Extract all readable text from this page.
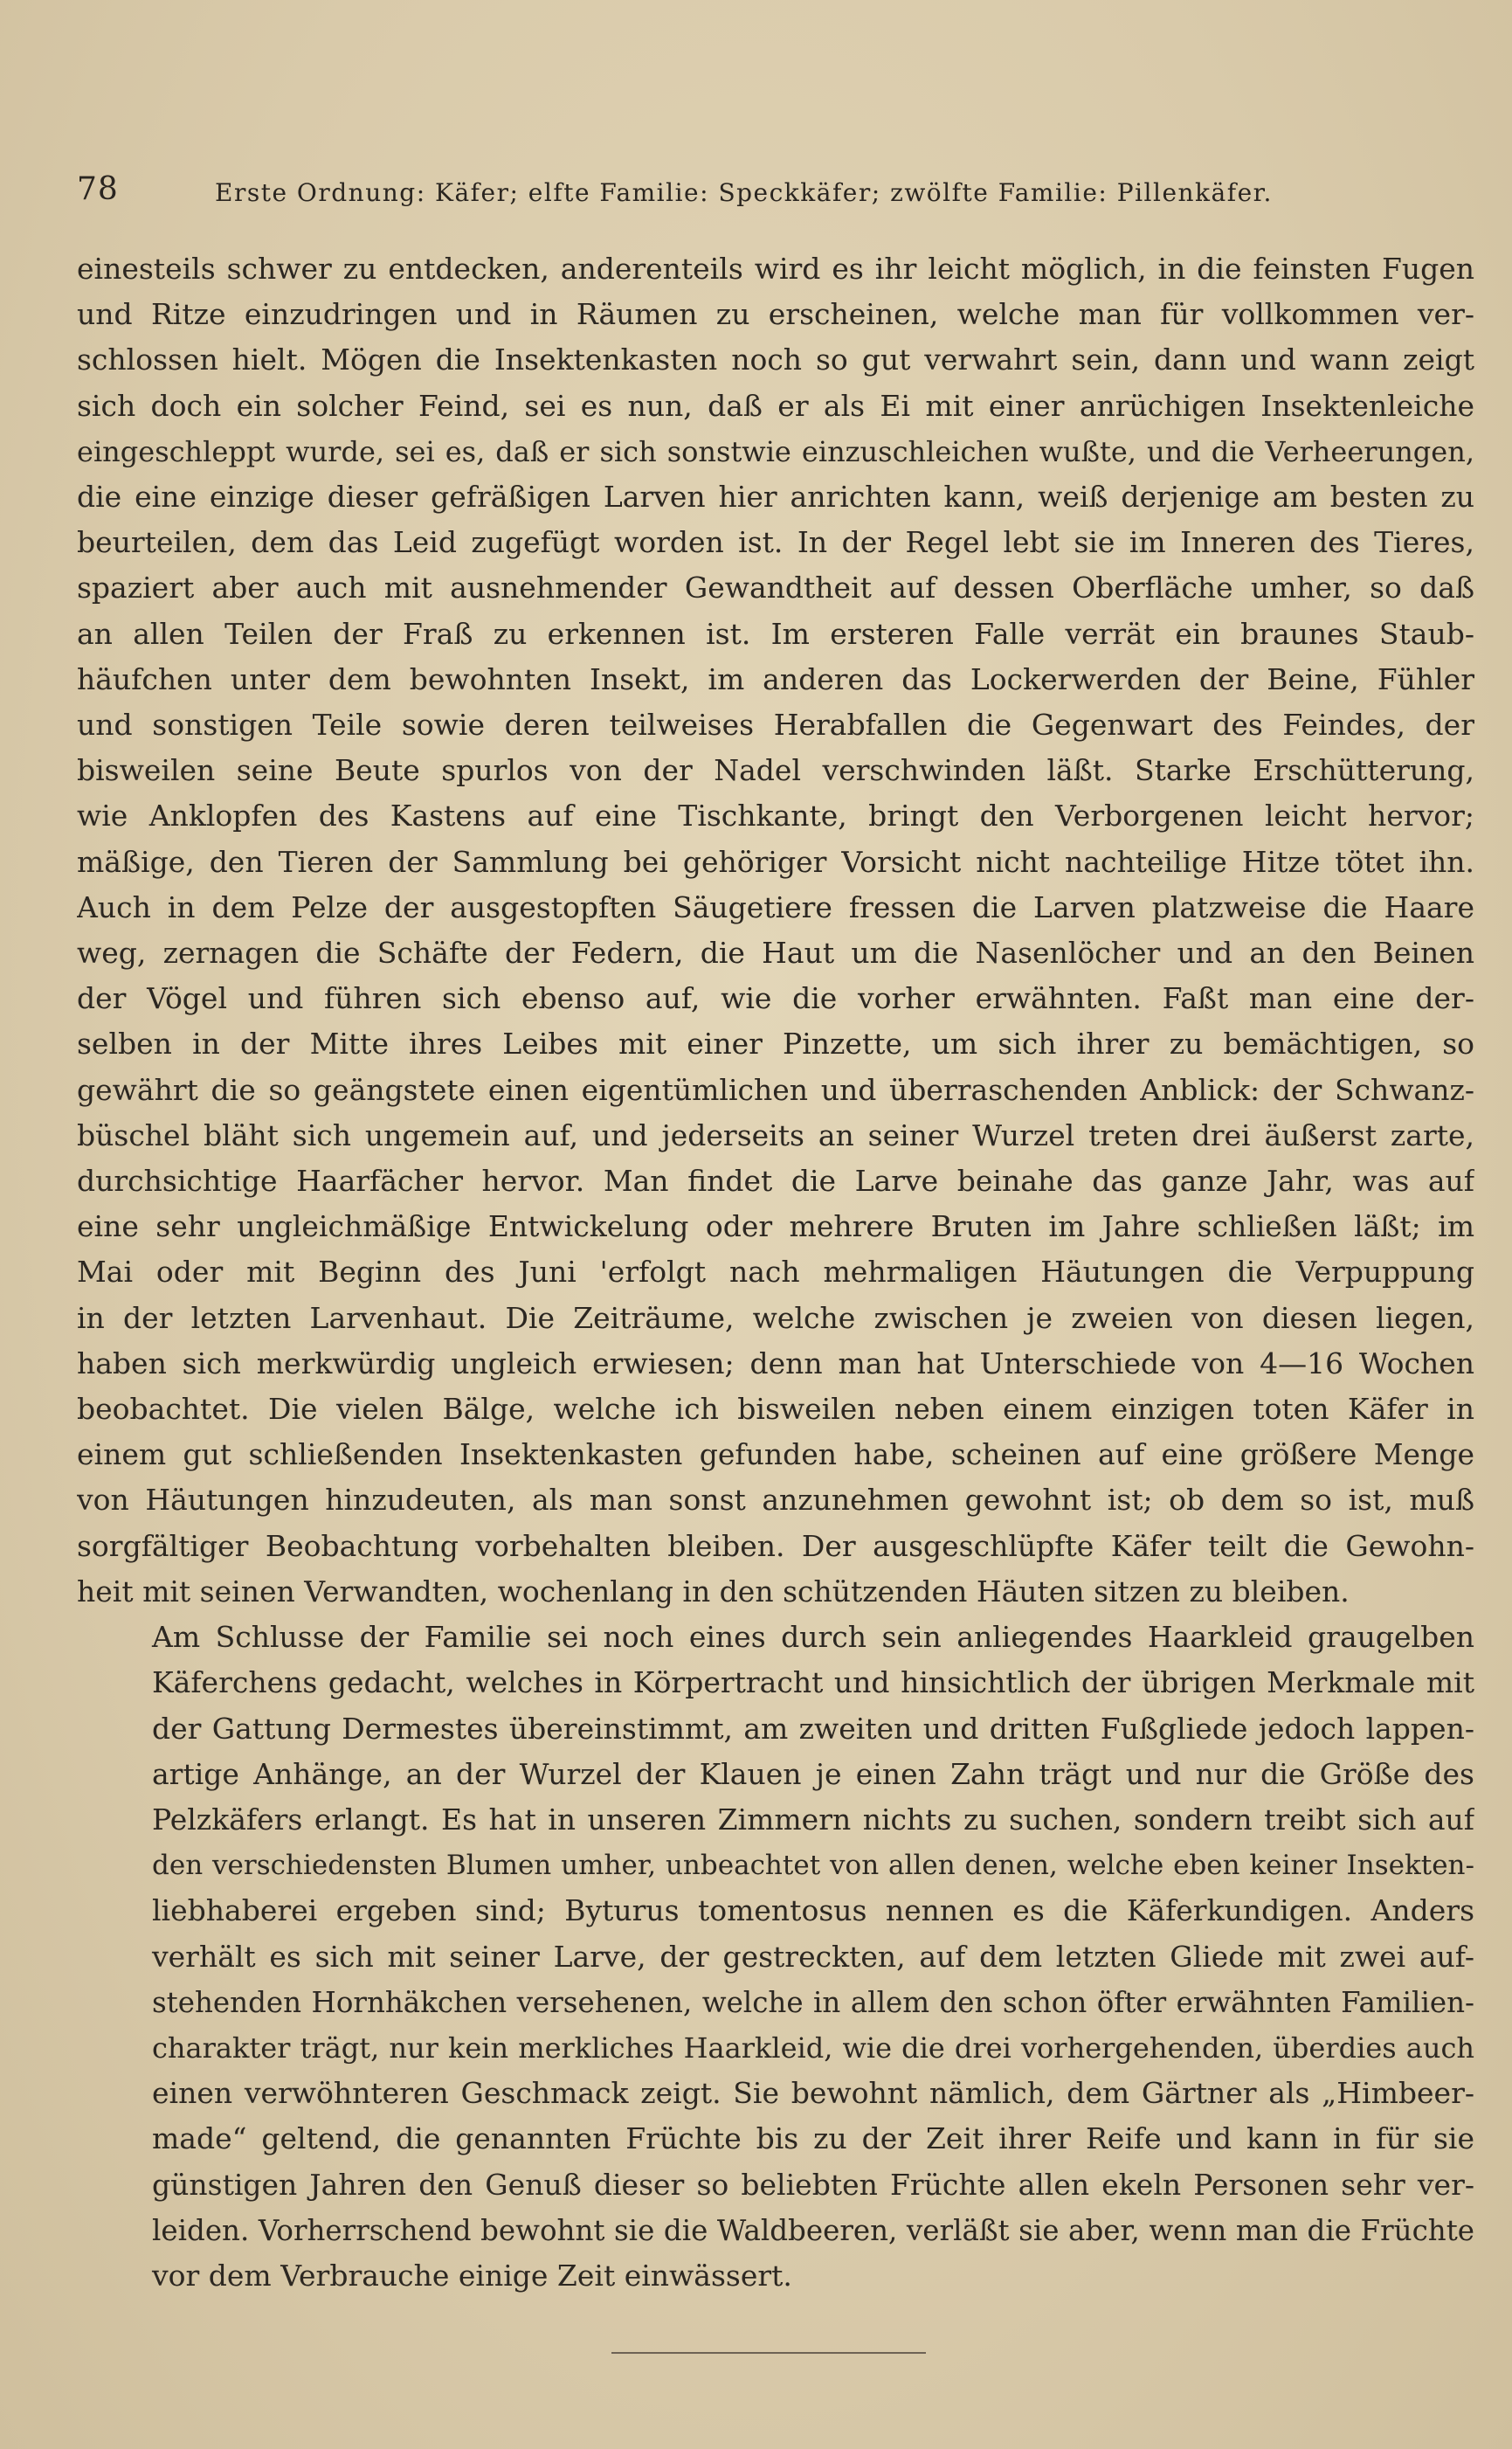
78	Erste Ordnung: Käfer; elfte Familie: Speckkäfer; zwölfte Familie: Pillenkäfer.
einesteils schwer zu entdecken, anderenteils wird es ihr leicht möglich, in die feinsten Fugen
und Ritze einzudringen und in Räumen zu erscheinen, welche man für vollkommen ver-
schlossen hielt. Mögen die Insektenkasten noch so gut verwahrt sein, dann und wann zeigt
sich doch ein solcher Feind, sei es nun, daß er als Ei mit einer anrüchigen Insektenleiche
eingeschleppt wurde, sei es, daß er sich sonstwie einzuschleichen wußte, und die Verheerungen,
die eine einzige dieser gefräßigen Larven hier anrichten kann, weiß derjenige am besten zu
beurteilen, dem das Leid zugefügt worden ist. In der Regel lebt sie im Inneren des Tieres,
spaziert aber auch mit ausnehmender Gewandtheit auf dessen Oberfläche umher, so daß
an allen Teilen der Fraß zu erkennen ist. Im ersteren Falle verrät ein braunes Staub-
häufchen unter dem bewohnten Insekt, im anderen das Lockerwerden der Beine, Fühler
und sonstigen Teile sowie deren teilweises Herabfallen die Gegenwart des Feindes, der
bisweilen seine Beute spurlos von der Nadel verschwinden läßt. Starke Erschütterung,
wie Anklopfen des Kastens auf eine Tischkante, bringt den Verborgenen leicht hervor;
mäßige, den Tieren der Sammlung bei gehöriger Vorsicht nicht nachteilige Hitze tötet ihn.
Auch in dem Pelze der ausgestopften Säugetiere fressen die Larven platzweise die Haare
weg, zernagen die Schäfte der Federn, die Haut um die Nasenlöcher und an den Beinen
der Vögel und führen sich ebenso auf, wie die vorher erwähnten. Faßt man eine der-
selben in der Mitte ihres Leibes mit einer Pinzette, um sich ihrer zu bemächtigen, so
gewährt die so geängstete einen eigentümlichen und überraschenden Anblick: der Schwanz-
büschel bläht sich ungemein auf, und jederseits an seiner Wurzel treten drei äußerst zarte,
durchsichtige Haarfächer hervor. Man findet die Larve beinahe das ganze Jahr, was auf
eine sehr ungleichmäßige Entwickelung oder mehrere Bruten im Jahre schließen läßt; im
Mai oder mit Beginn des Juni 'erfolgt nach mehrmaligen Häutungen die Verpuppung
in der letzten Larvenhaut. Die Zeiträume, welche zwischen je zweien von diesen liegen,
haben sich merkwürdig ungleich erwiesen; denn man hat Unterschiede von 4—16 Wochen
beobachtet. Die vielen Bälge, welche ich bisweilen neben einem einzigen toten Käfer in
einem gut schließenden Insektenkasten gefunden habe, scheinen auf eine größere Menge
von Häutungen hinzudeuten, als man sonst anzunehmen gewohnt ist; ob dem so ist, muß
sorgfältiger Beobachtung vorbehalten bleiben. Der ausgeschlüpfte Käfer teilt die Gewohn-
heit mit seinen Verwandten, wochenlang in den schützenden Häuten sitzen zu bleiben.
Am Schlusse der Familie sei noch eines durch sein anliegendes Haarkleid graugelben
Käferchens gedacht, welches in Körpertracht und hinsichtlich der übrigen Merkmale mit
der Gattung Dermestes übereinstimmt, am zweiten und dritten Fußgliede jedoch lappen-
artige Anhänge, an der Wurzel der Klauen je einen Zahn trägt und nur die Größe des
Pelzkäfers erlangt. Es hat in unseren Zimmern nichts zu suchen, sondern treibt sich auf
den verschiedensten Blumen umher, unbeachtet von allen denen, welche eben keiner Insekten-
liebhaberei ergeben sind; Byturus tomentosus nennen es die Käferkundigen. Anders
verhält es sich mit seiner Larve, der gestreckten, auf dem letzten Gliede mit zwei auf-
stehenden Hornhäkchen versehenen, welche in allem den schon öfter erwähnten Familien-
charakter trägt, nur kein merkliches Haarkleid, wie die drei vorhergehenden, überdies auch
einen verwöhnteren Geschmack zeigt. Sie bewohnt nämlich, dem Gärtner als „Himbeer-
made“ geltend, die genannten Früchte bis zu der Zeit ihrer Reife und kann in für sie
günstigen Jahren den Genuß dieser so beliebten Früchte allen ekeln Personen sehr ver-
leiden. Vorherrschend bewohnt sie die Waldbeeren, verläßt sie aber, wenn man die Früchte
vor dem Verbrauche einige Zeit einwässert.
